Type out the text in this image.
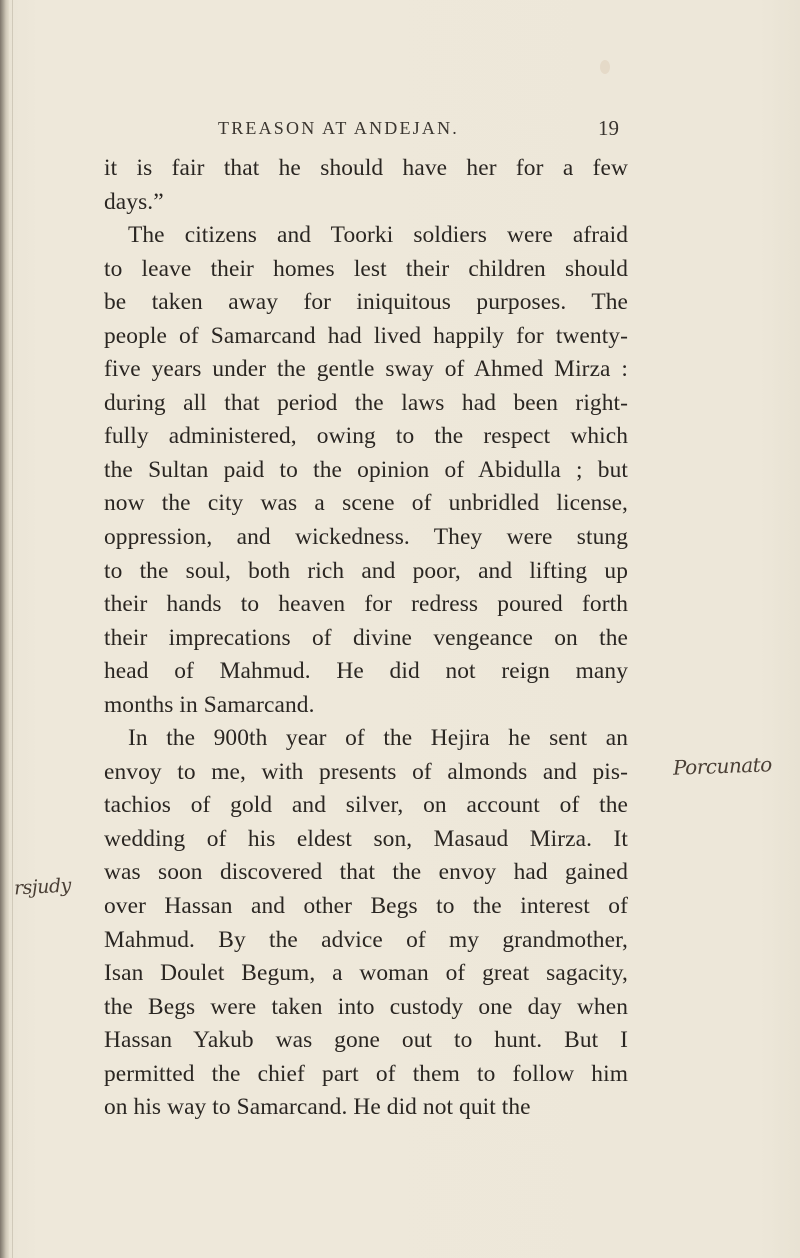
TREASON AT ANDEJAN.	19
it is fair that he should have her for a few
days.”
The citizens and Toorki soldiers were afraid
to leave their homes lest their children should
be taken away for iniquitous purposes. The
people of Samarcand had lived happily for twenty-
five years under the gentle sway of Ahmed Mirza :
during all that period the laws had been right-
fully administered, owing to the respect which
the Sultan paid to the opinion of Abidulla ; but
now the city was a scene of unbridled license,
oppression, and wickedness. They were stung
to the soul, both rich and poor, and lifting up
their hands to heaven for redress poured forth
their imprecations of divine vengeance on the
head of Mahmud. He did not reign many
months in Samarcand.
In the 900th year of the Hejira he sent an
envoy to me, with presents of almonds and pis-
tachios of gold and silver, on account of the
wedding of his eldest son, Masaud Mirza. It
was soon discovered that the envoy had gained
over Hassan and other Begs to the interest of
Mahmud. By the advice of my grandmother,
Isan Doulet Begum, a woman of great sagacity,
the Begs were taken into custody one day when
Hassan Yakub was gone out to hunt. But I
permitted the chief part of them to follow him
on his way to Samarcand. He did not quit the
Porcunato
rsjudy
